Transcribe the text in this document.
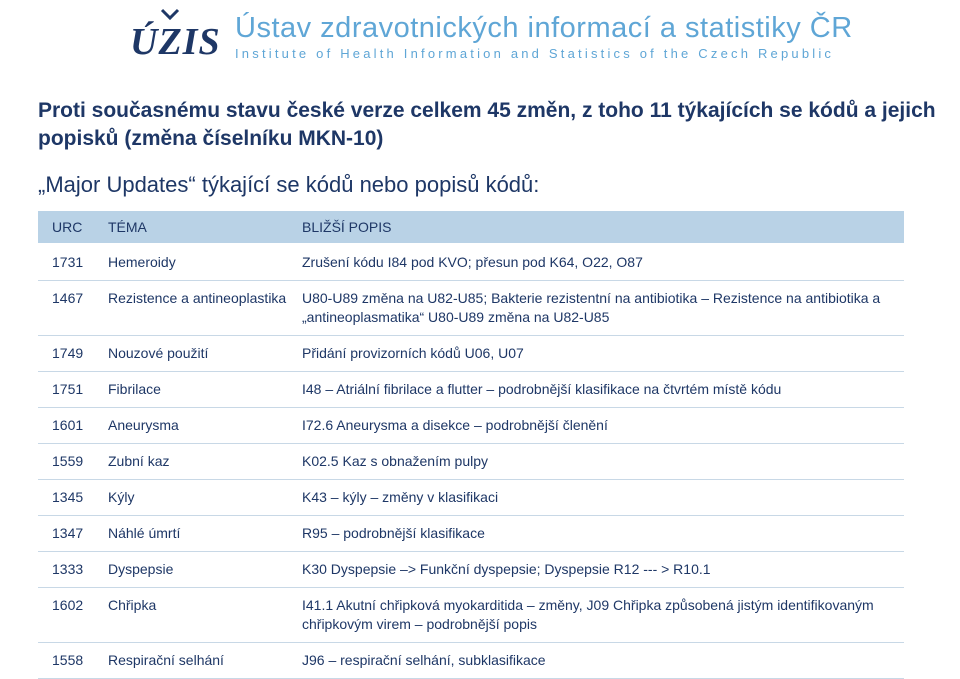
ÚZIS Ústav zdravotnických informací a statistiky ČR
Institute of Health Information and Statistics of the Czech Republic
Proti současnému stavu české verze celkem 45 změn, z toho 11 týkajících se kódů a jejich popisků (změna číselníku MKN-10)
„Major Updates“ týkající se kódů nebo popisů kódů:
URC	TÉMA	BLIŽŠÍ POPIS
1731	Hemeroidy	Zrušení kódu I84 pod KVO; přesun pod K64, O22, O87
1467	Rezistence a antineoplastika	U80-U89 změna na U82-U85; Bakterie rezistentní na antibiotika – Rezistence na antibiotika a „antineoplasmatika“ U80-U89 změna na U82-U85
1749	Nouzové použití	Přidání provizorních kódů U06, U07
1751	Fibrilace	I48 – Atriální fibrilace a flutter – podrobnější klasifikace na čtvrtém místě kódu
1601	Aneurysma	I72.6 Aneurysma a disekce – podrobnější členění
1559	Zubní kaz	K02.5 Kaz s obnažením pulpy
1345	Kýly	K43 – kýly – změny v klasifikaci
1347	Náhlé úmrtí	R95 – podrobnější klasifikace
1333	Dyspepsie	K30 Dyspepsie –> Funkční dyspepsie; Dyspepsie R12 --- > R10.1
1602	Chřipka	I41.1 Akutní chřipková myokarditida – změny, J09 Chřipka způsobená jistým identifikovaným chřipkovým virem – podrobnější popis
1558	Respirační selhání	J96 – respirační selhání, subklasifikace
